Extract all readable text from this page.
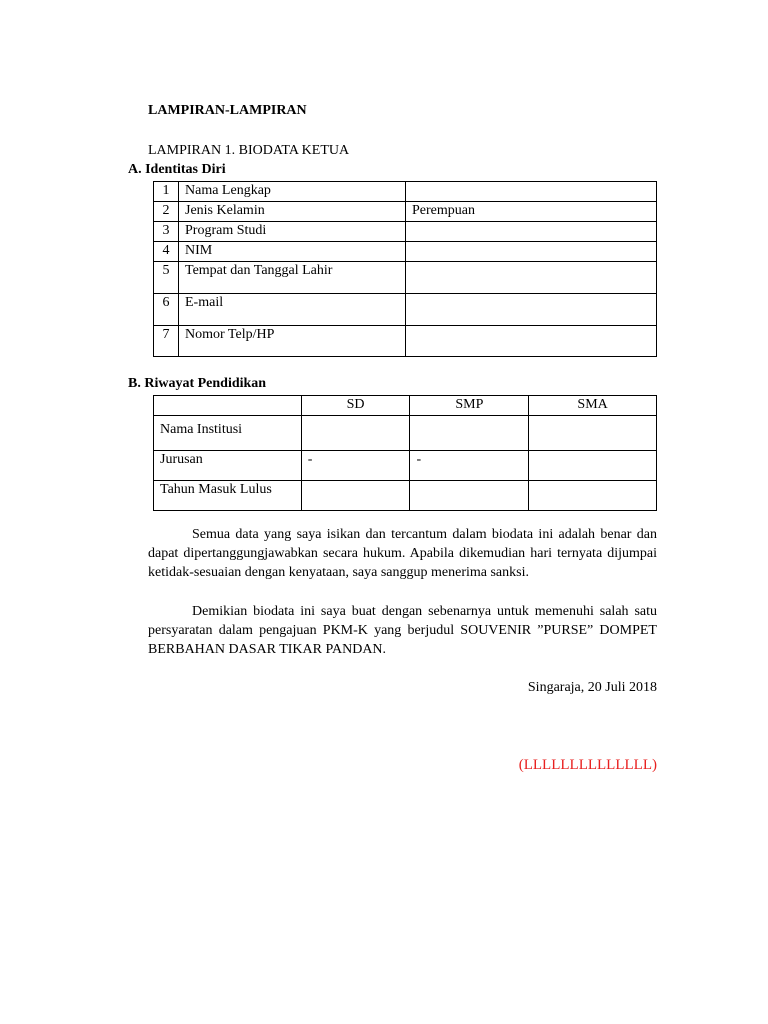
LAMPIRAN-LAMPIRAN
LAMPIRAN 1. BIODATA KETUA
A. Identitas Diri
1	Nama Lengkap	
2	Jenis Kelamin	Perempuan
3	Program Studi	
4	NIM	
5	Tempat dan Tanggal Lahir	
6	E-mail	
7	Nomor Telp/HP	
B. Riwayat Pendidikan
	SD	SMP	SMA
Nama Institusi			
Jurusan	-	-	
Tahun Masuk Lulus			
Semua data yang saya isikan dan tercantum dalam biodata ini adalah benar dan dapat dipertanggungjawabkan secara hukum. Apabila dikemudian hari ternyata dijumpai ketidak-sesuaian dengan kenyataan, saya sanggup menerima sanksi.
Demikian biodata ini saya buat dengan sebenarnya untuk memenuhi salah satu persyaratan dalam pengajuan PKM-K yang berjudul SOUVENIR ”PURSE” DOMPET BERBAHAN DASAR TIKAR PANDAN.
Singaraja, 20 Juli 2018
(LLLLLLLLLLLLLL)
